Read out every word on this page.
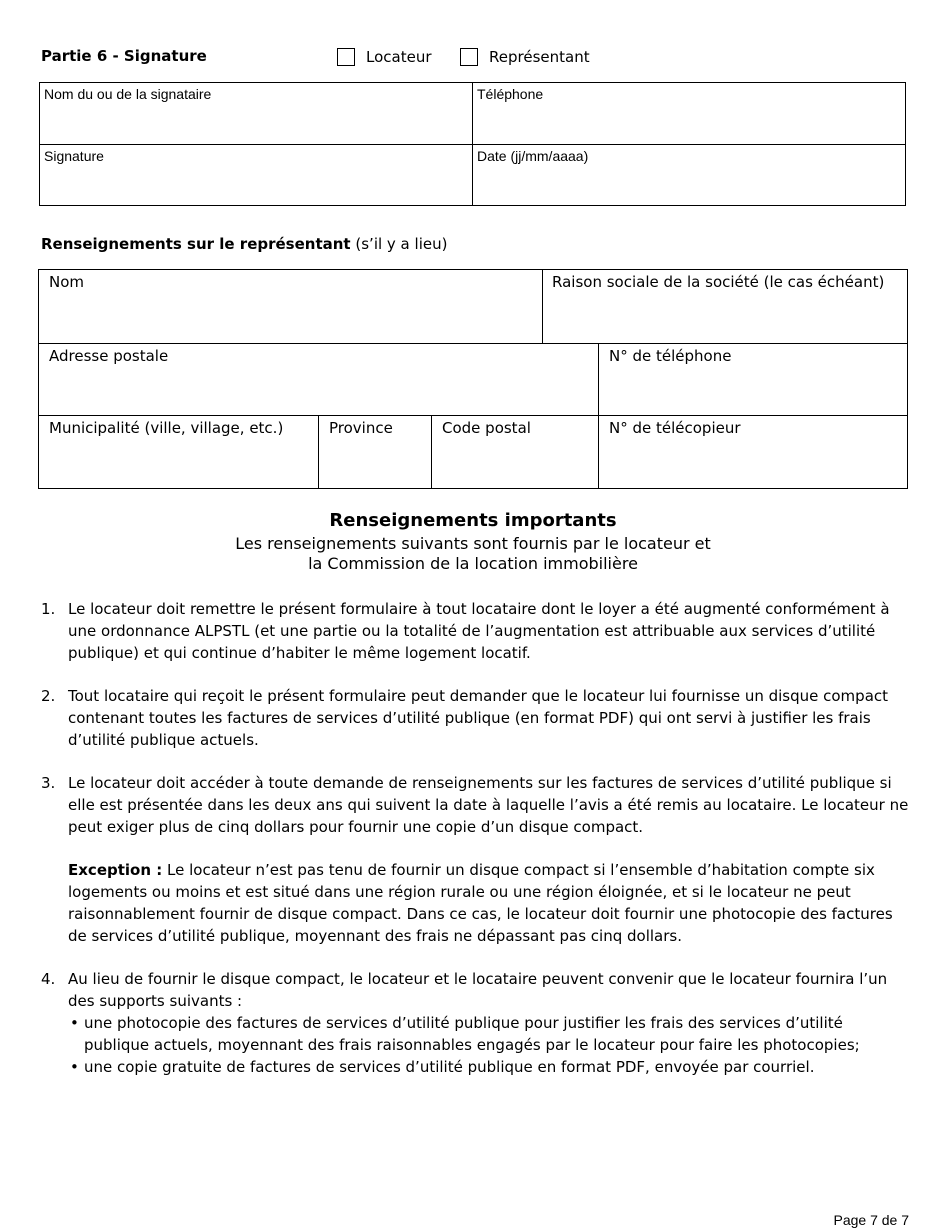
Partie 6 - Signature	Locateur	Représentant
Nom du ou de la signataire	Téléphone
Signature	Date (jj/mm/aaaa)
Renseignements sur le représentant (s’il y a lieu)
Nom	Raison sociale de la société (le cas échéant)
Adresse postale	N° de téléphone
Municipalité (ville, village, etc.)	Province	Code postal	N° de télécopieur
Renseignements importants
Les renseignements suivants sont fournis par le locateur et
la Commission de la location immobilière
1. Le locateur doit remettre le présent formulaire à tout locataire dont le loyer a été augmenté conformément à une ordonnance ALPSTL (et une partie ou la totalité de l’augmentation est attribuable aux services d’utilité publique) et qui continue d’habiter le même logement locatif.
2. Tout locataire qui reçoit le présent formulaire peut demander que le locateur lui fournisse un disque compact contenant toutes les factures de services d’utilité publique (en format PDF) qui ont servi à justifier les frais d’utilité publique actuels.
3. Le locateur doit accéder à toute demande de renseignements sur les factures de services d’utilité publique si elle est présentée dans les deux ans qui suivent la date à laquelle l’avis a été remis au locataire. Le locateur ne peut exiger plus de cinq dollars pour fournir une copie d’un disque compact.
Exception : Le locateur n’est pas tenu de fournir un disque compact si l’ensemble d’habitation compte six logements ou moins et est situé dans une région rurale ou une région éloignée, et si le locateur ne peut raisonnablement fournir de disque compact. Dans ce cas, le locateur doit fournir une photocopie des factures de services d’utilité publique, moyennant des frais ne dépassant pas cinq dollars.
4. Au lieu de fournir le disque compact, le locateur et le locataire peuvent convenir que le locateur fournira l’un des supports suivants :
• une photocopie des factures de services d’utilité publique pour justifier les frais des services d’utilité publique actuels, moyennant des frais raisonnables engagés par le locateur pour faire les photocopies;
• une copie gratuite de factures de services d’utilité publique en format PDF, envoyée par courriel.
Page 7 de 7
